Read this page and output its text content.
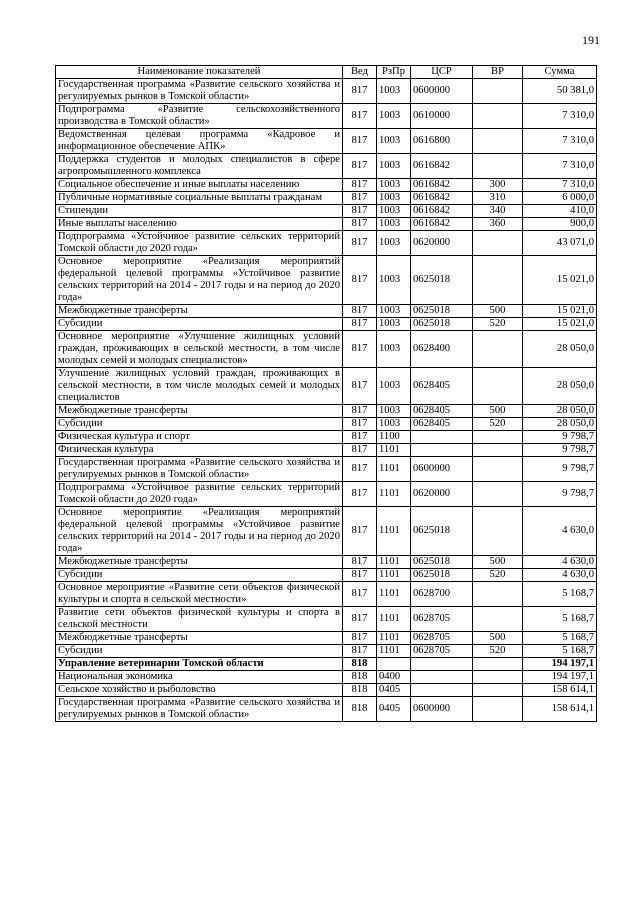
191
Наименование показателей	Вед	РзПр	ЦСР	ВР	Сумма
Государственная программа «Развитие сельского хозяйства и регулируемых рынков в Томской области»	817	1003	0600000		50 381,0
Подпрограмма «Развитие сельскохозяйственного производства в Томской области»	817	1003	0610000		7 310,0
Ведомственная целевая программа «Кадровое и информационное обеспечение АПК»	817	1003	0616800		7 310,0
Поддержка студентов и молодых специалистов в сфере агропромышленного комплекса	817	1003	0616842		7 310,0
Социальное обеспечение и иные выплаты населению	817	1003	0616842	300	7 310,0
Публичные нормативные социальные выплаты гражданам	817	1003	0616842	310	6 000,0
Стипендии	817	1003	0616842	340	410,0
Иные выплаты населению	817	1003	0616842	360	900,0
Подпрограмма «Устойчивое развитие сельских территорий Томской области до 2020 года»	817	1003	0620000		43 071,0
Основное мероприятие «Реализация мероприятий федеральной целевой программы «Устойчивое развитие сельских территорий на 2014 - 2017 годы и на период до 2020 года»	817	1003	0625018		15 021,0
Межбюджетные трансферты	817	1003	0625018	500	15 021,0
Субсидии	817	1003	0625018	520	15 021,0
Основное мероприятие «Улучшение жилищных условий граждан, проживающих в сельской местности, в том числе молодых семей и молодых специалистов»	817	1003	0628400		28 050,0
Улучшение жилищных условий граждан, проживающих в сельской местности, в том числе молодых семей и молодых специалистов	817	1003	0628405		28 050,0
Межбюджетные трансферты	817	1003	0628405	500	28 050,0
Субсидии	817	1003	0628405	520	28 050,0
Физическая культура и спорт	817	1100			9 798,7
Физическая культура	817	1101			9 798,7
Государственная программа «Развитие сельского хозяйства и регулируемых рынков в Томской области»	817	1101	0600000		9 798,7
Подпрограмма «Устойчивое развитие сельских территорий Томской области до 2020 года»	817	1101	0620000		9 798,7
Основное мероприятие «Реализация мероприятий федеральной целевой программы «Устойчивое развитие сельских территорий на 2014 - 2017 годы и на период до 2020 года»	817	1101	0625018		4 630,0
Межбюджетные трансферты	817	1101	0625018	500	4 630,0
Субсидии	817	1101	0625018	520	4 630,0
Основное мероприятие «Развитие сети объектов физической культуры и спорта в сельской местности»	817	1101	0628700		5 168,7
Развитие сети объектов физической культуры и спорта в сельской местности	817	1101	0628705		5 168,7
Межбюджетные трансферты	817	1101	0628705	500	5 168,7
Субсидии	817	1101	0628705	520	5 168,7
Управление ветеринарии Томской области	818				194 197,1
Национальная экономика	818	0400			194 197,1
Сельское хозяйство и рыболовство	818	0405			158 614,1
Государственная программа «Развитие сельского хозяйства и регулируемых рынков в Томской области»	818	0405	0600000		158 614,1
